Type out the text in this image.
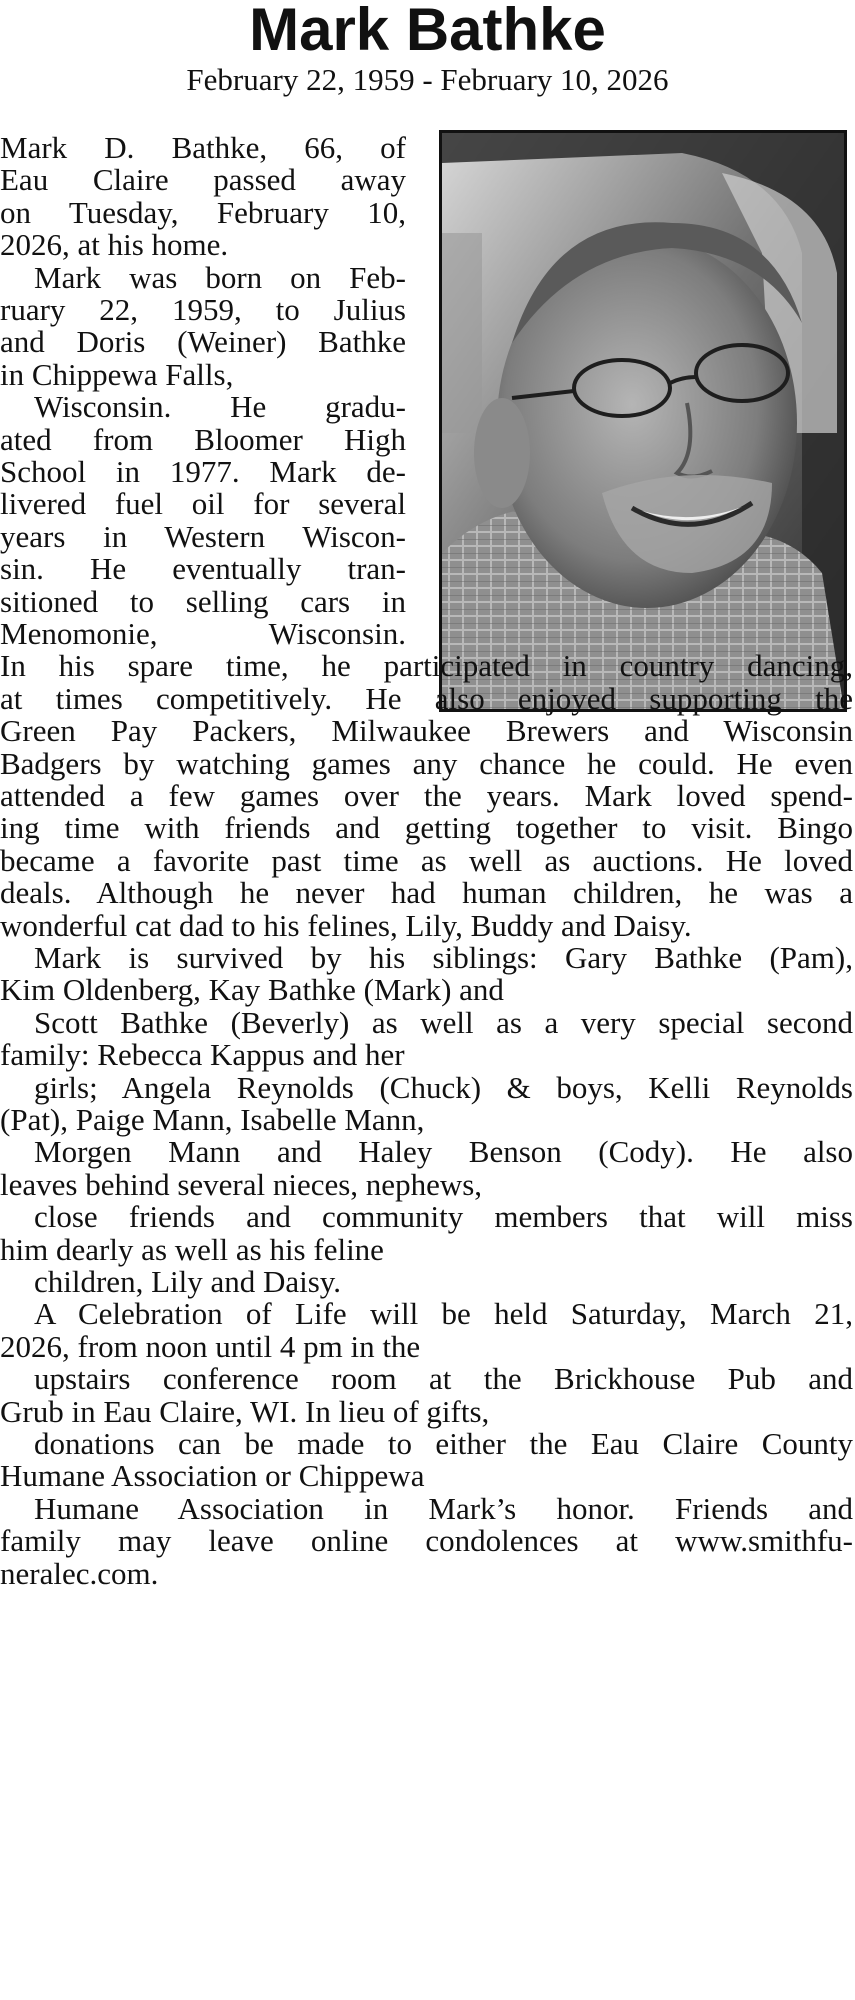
Mark Bathke
February 22, 1959 - February 10, 2026
Mark D. Bathke, 66, of
Eau Claire passed away
on Tuesday, February 10,
2026, at his home.
Mark was born on Feb-
ruary 22, 1959, to Julius
and Doris (Weiner) Bathke
in Chippewa Falls,
Wisconsin. He gradu-
ated from Bloomer High
School in 1977. Mark de-
livered fuel oil for several
years in Western Wiscon-
sin. He eventually tran-
sitioned to selling cars in
Menomonie, Wisconsin.
In his spare time, he participated in country dancing,
at times competitively. He also enjoyed supporting the
Green Pay Packers, Milwaukee Brewers and Wisconsin
Badgers by watching games any chance he could. He even
attended a few games over the years. Mark loved spend-
ing time with friends and getting together to visit. Bingo
became a favorite past time as well as auctions. He loved
deals. Although he never had human children, he was a
wonderful cat dad to his felines, Lily, Buddy and Daisy.
Mark is survived by his siblings: Gary Bathke (Pam),
Kim Oldenberg, Kay Bathke (Mark) and
Scott Bathke (Beverly) as well as a very special second
family: Rebecca Kappus and her
girls; Angela Reynolds (Chuck) & boys, Kelli Reynolds
(Pat), Paige Mann, Isabelle Mann,
Morgen Mann and Haley Benson (Cody). He also
leaves behind several nieces, nephews,
close friends and community members that will miss
him dearly as well as his feline
children, Lily and Daisy.
A Celebration of Life will be held Saturday, March 21,
2026, from noon until 4 pm in the
upstairs conference room at the Brickhouse Pub and
Grub in Eau Claire, WI. In lieu of gifts,
donations can be made to either the Eau Claire County
Humane Association or Chippewa
Humane Association in Mark’s honor. Friends and
family may leave online condolences at www.smithfu-
neralec.com.
